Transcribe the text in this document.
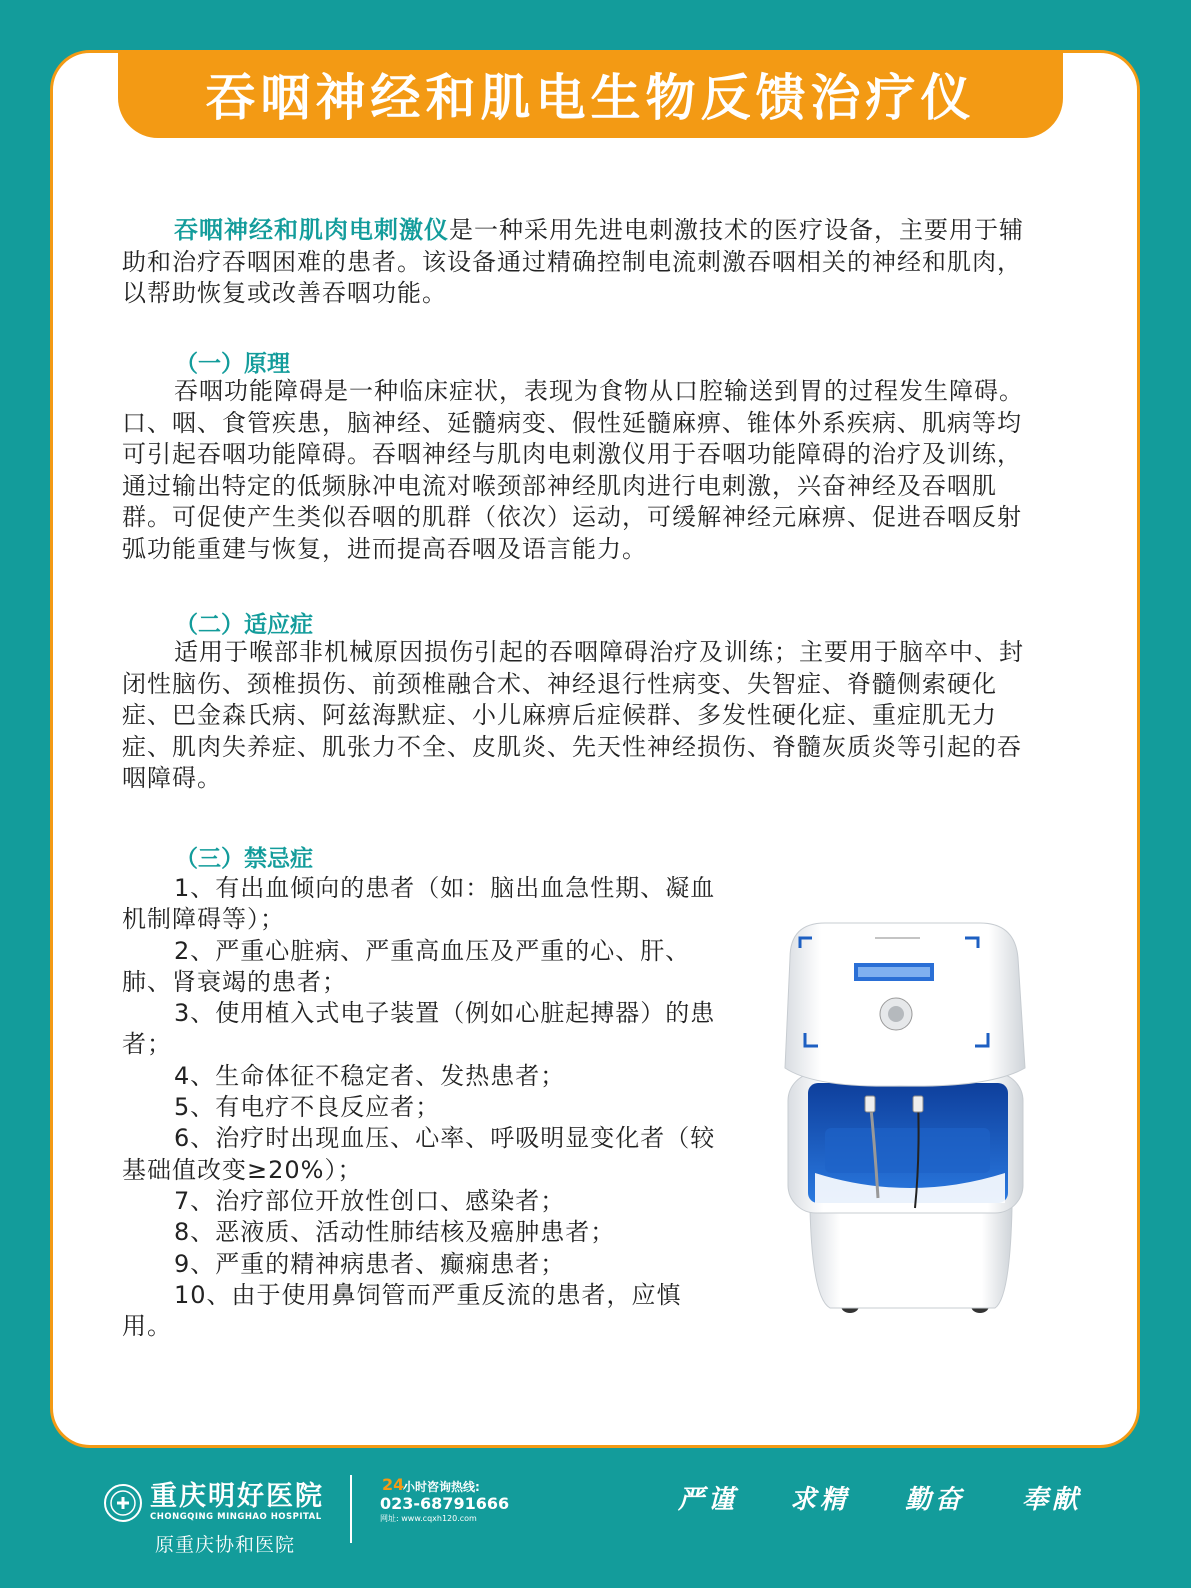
吞咽神经和肌电生物反馈治疗仪
吞咽神经和肌肉电刺激仪是一种采用先进电刺激技术的医疗设备，主要用于辅助和治疗吞咽困难的患者。该设备通过精确控制电流刺激吞咽相关的神经和肌肉，以帮助恢复或改善吞咽功能。
（一）原理
吞咽功能障碍是一种临床症状，表现为食物从口腔输送到胃的过程发生障碍。口、咽、食管疾患，脑神经、延髓病变、假性延髓麻痹、锥体外系疾病、肌病等均可引起吞咽功能障碍。吞咽神经与肌肉电刺激仪用于吞咽功能障碍的治疗及训练，通过输出特定的低频脉冲电流对喉颈部神经肌肉进行电刺激，兴奋神经及吞咽肌群。可促使产生类似吞咽的肌群（依次）运动，可缓解神经元麻痹、促进吞咽反射弧功能重建与恢复，进而提高吞咽及语言能力。
（二）适应症
适用于喉部非机械原因损伤引起的吞咽障碍治疗及训练；主要用于脑卒中、封闭性脑伤、颈椎损伤、前颈椎融合术、神经退行性病变、失智症、脊髓侧索硬化症、巴金森氏病、阿兹海默症、小儿麻痹后症候群、多发性硬化症、重症肌无力症、肌肉失养症、肌张力不全、皮肌炎、先天性神经损伤、脊髓灰质炎等引起的吞咽障碍。
（三）禁忌症
1、有出血倾向的患者（如：脑出血急性期、凝血机制障碍等）；
2、严重心脏病、严重高血压及严重的心、肝、肺、肾衰竭的患者；
3、使用植入式电子装置（例如心脏起搏器）的患者；
4、生命体征不稳定者、发热患者；
5、有电疗不良反应者；
6、治疗时出现血压、心率、呼吸明显变化者（较基础值改变≥20%）；
7、治疗部位开放性创口、感染者；
8、恶液质、活动性肺结核及癌肿患者；
9、严重的精神病患者、癫痫患者；
10、由于使用鼻饲管而严重反流的患者，应慎用。
重庆明好医院
CHONGQING MINGHAO HOSPITAL
原重庆协和医院
24
小时咨询热线:
023-68791666
网址: www.cqxh120.com
严谨 求精 勤奋 奉献
